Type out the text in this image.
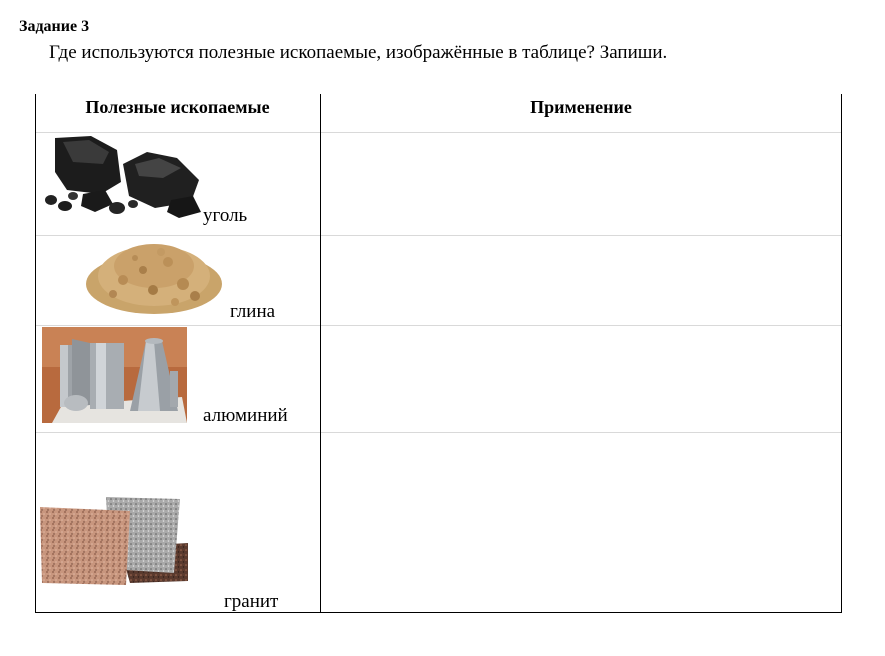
Задание 3
Где используются полезные ископаемые, изображённые в таблице? Запиши.
Полезные ископаемые	Применение
уголь
глина
алюминий
гранит
